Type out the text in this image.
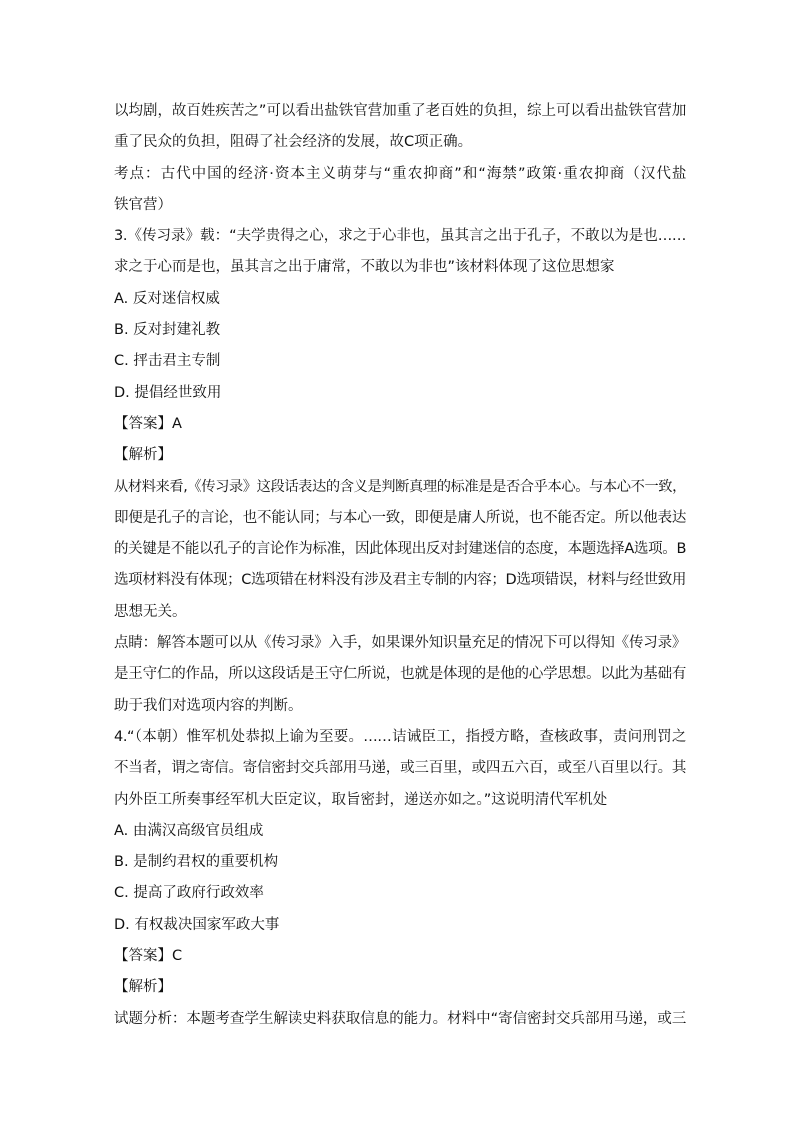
以均剧，故百姓疾苦之”可以看出盐铁官营加重了老百姓的负担，综上可以看出盐铁官营加
重了民众的负担，阻碍了社会经济的发展，故C项正确。
考点：古代中国的经济·资本主义萌芽与“重农抑商”和“海禁”政策·重农抑商（汉代盐
铁官营）
3.《传习录》载：“夫学贵得之心，求之于心非也，虽其言之出于孔子，不敢以为是也……
求之于心而是也，虽其言之出于庸常，不敢以为非也”该材料体现了这位思想家
A. 反对迷信权威
B. 反对封建礼教
C. 抨击君主专制
D. 提倡经世致用
【答案】A
【解析】
从材料来看,《传习录》这段话表达的含义是判断真理的标准是是否合乎本心。与本心不一致，
即便是孔子的言论，也不能认同；与本心一致，即便是庸人所说，也不能否定。所以他表达
的关键是不能以孔子的言论作为标准，因此体现出反对封建迷信的态度，本题选择A选项。B
选项材料没有体现；C选项错在材料没有涉及君主专制的内容；D选项错误，材料与经世致用
思想无关。
点睛：解答本题可以从《传习录》入手，如果课外知识量充足的情况下可以得知《传习录》
是王守仁的作品，所以这段话是王守仁所说，也就是体现的是他的心学思想。以此为基础有
助于我们对选项内容的判断。
4.“（本朝）惟军机处恭拟上谕为至要。……诘诫臣工，指授方略，查核政事，责问刑罚之
不当者，谓之寄信。寄信密封交兵部用马递，或三百里，或四五六百，或至八百里以行。其
内外臣工所奏事经军机大臣定议，取旨密封，递送亦如之。”这说明清代军机处
A. 由满汉高级官员组成
B. 是制约君权的重要机构
C. 提高了政府行政效率
D. 有权裁决国家军政大事
【答案】C
【解析】
试题分析：本题考查学生解读史料获取信息的能力。材料中“寄信密封交兵部用马递，或三
